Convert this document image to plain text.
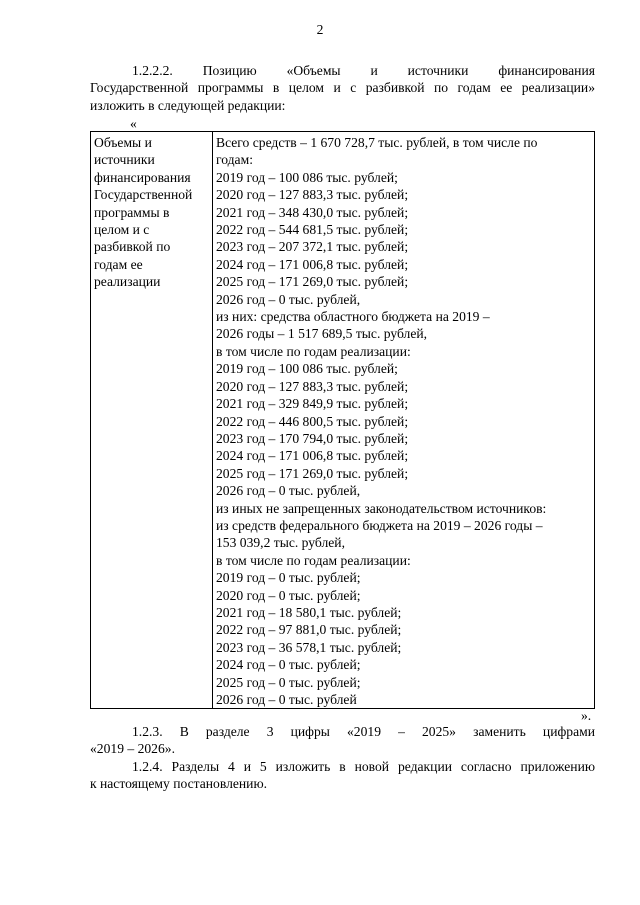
2
1.2.2.2. Позицию «Объемы и источники финансирования
Государственной программы в целом и с разбивкой по годам ее реализации»
изложить в следующей редакции:
«
Объемы и
источники
финансирования
Государственной
программы в
целом и с
разбивкой по
годам ее
реализации

Всего средств – 1 670 728,7 тыс. рублей, в том числе по
годам:
2019 год – 100 086 тыс. рублей;
2020 год – 127 883,3 тыс. рублей;
2021 год – 348 430,0 тыс. рублей;
2022 год – 544 681,5 тыс. рублей;
2023 год – 207 372,1 тыс. рублей;
2024 год – 171 006,8 тыс. рублей;
2025 год – 171 269,0 тыс. рублей;
2026 год – 0 тыс. рублей,
из них: средства областного бюджета на 2019 –
2026 годы – 1 517 689,5 тыс. рублей,
в том числе по годам реализации:
2019 год – 100 086 тыс. рублей;
2020 год – 127 883,3 тыс. рублей;
2021 год – 329 849,9 тыс. рублей;
2022 год – 446 800,5 тыс. рублей;
2023 год – 170 794,0 тыс. рублей;
2024 год – 171 006,8 тыс. рублей;
2025 год – 171 269,0 тыс. рублей;
2026 год – 0 тыс. рублей,
из иных не запрещенных законодательством источников:
из средств федерального бюджета на 2019 – 2026 годы –
153 039,2 тыс. рублей,
в том числе по годам реализации:
2019 год – 0 тыс. рублей;
2020 год – 0 тыс. рублей;
2021 год – 18 580,1 тыс. рублей;
2022 год – 97 881,0 тыс. рублей;
2023 год – 36 578,1 тыс. рублей;
2024 год – 0 тыс. рублей;
2025 год – 0 тыс. рублей;
2026 год – 0 тыс. рублей
».
1.2.3. В разделе 3 цифры «2019 – 2025» заменить цифрами
«2019 – 2026».
1.2.4. Разделы 4 и 5 изложить в новой редакции согласно приложению
к настоящему постановлению.
